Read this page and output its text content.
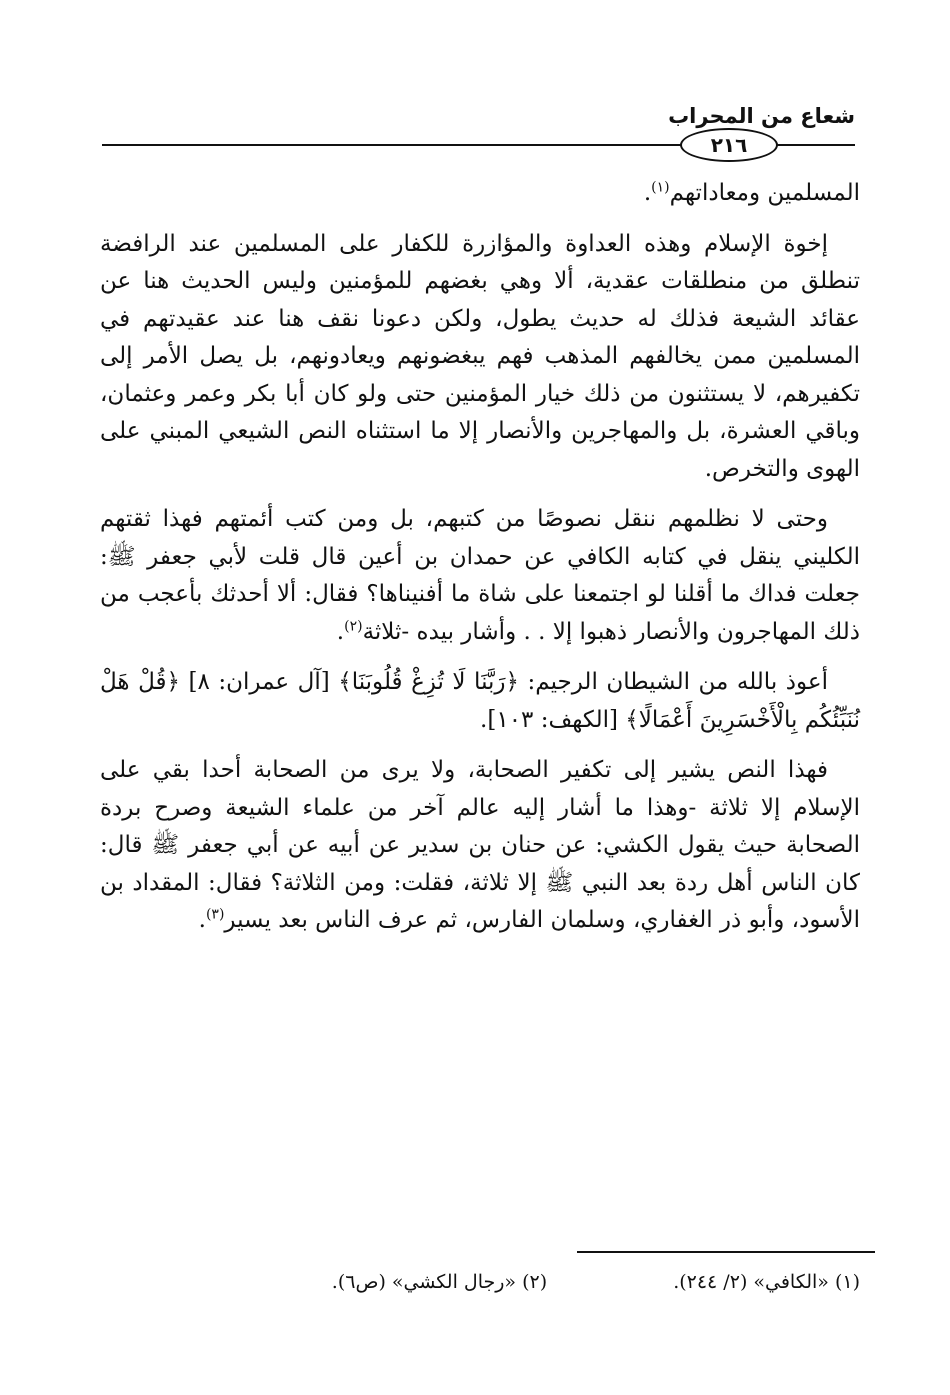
شعاع من المحراب
٢١٦

المسلمين ومعاداتهم$^{(١)}$.

إخوة الإسلام وهذه العداوة والمؤازرة للكفار على المسلمين عند الرافضة تنطلق من منطلقات عقدية، ألا وهي بغضهم للمؤمنين وليس الحديث هنا عن عقائد الشيعة فذلك له حديث يطول، ولكن دعونا نقف هنا عند عقيدتهم في المسلمين ممن يخالفهم المذهب فهم يبغضونهم ويعادونهم، بل يصل الأمر إلى تكفيرهم، لا يستثنون من ذلك خيار المؤمنين حتى ولو كان أبا بكر وعمر وعثمان، وباقي العشرة، بل والمهاجرين والأنصار إلا ما استثناه النص الشيعي المبني على الهوى والتخرص.

وحتى لا نظلمهم ننقل نصوصًا من كتبهم، بل ومن كتب أئمتهم فهذا ثقتهم الكليني ينقل في كتابه الكافي عن حمدان بن أعين قال قلت لأبي جعفر ﷺ: جعلت فداك ما أقلنا لو اجتمعنا على شاة ما أفنيناها؟ فقال: ألا أحدثك بأعجب من ذلك المهاجرون والأنصار ذهبوا إلا . . وأشار بيده -ثلاثة$^{(٢)}$.

أعوذ بالله من الشيطان الرجيم: ﴿رَبَّنَا لَا تُزِغْ قُلُوبَنَا﴾ [آل عمران: ٨] ﴿قُلْ هَلْ نُنَبِّئُكُم بِالْأَخْسَرِينَ أَعْمَالًا﴾ [الكهف: ١٠٣].

فهذا النص يشير إلى تكفير الصحابة، ولا يرى من الصحابة أحدا بقي على الإسلام إلا ثلاثة -وهذا ما أشار إليه عالم آخر من علماء الشيعة وصرح بردة الصحابة حيث يقول الكشي: عن حنان بن سدير عن أبيه عن أبي جعفر ﷺ قال: كان الناس أهل ردة بعد النبي ﷺ إلا ثلاثة، فقلت: ومن الثلاثة؟ فقال: المقداد بن الأسود، وأبو ذر الغفاري، وسلمان الفارس، ثم عرف الناس بعد يسير$^{(٣)}$.

(١) «الكافي» (٢/ ٢٤٤). (٢) «رجال الكشي» (ص٦).
